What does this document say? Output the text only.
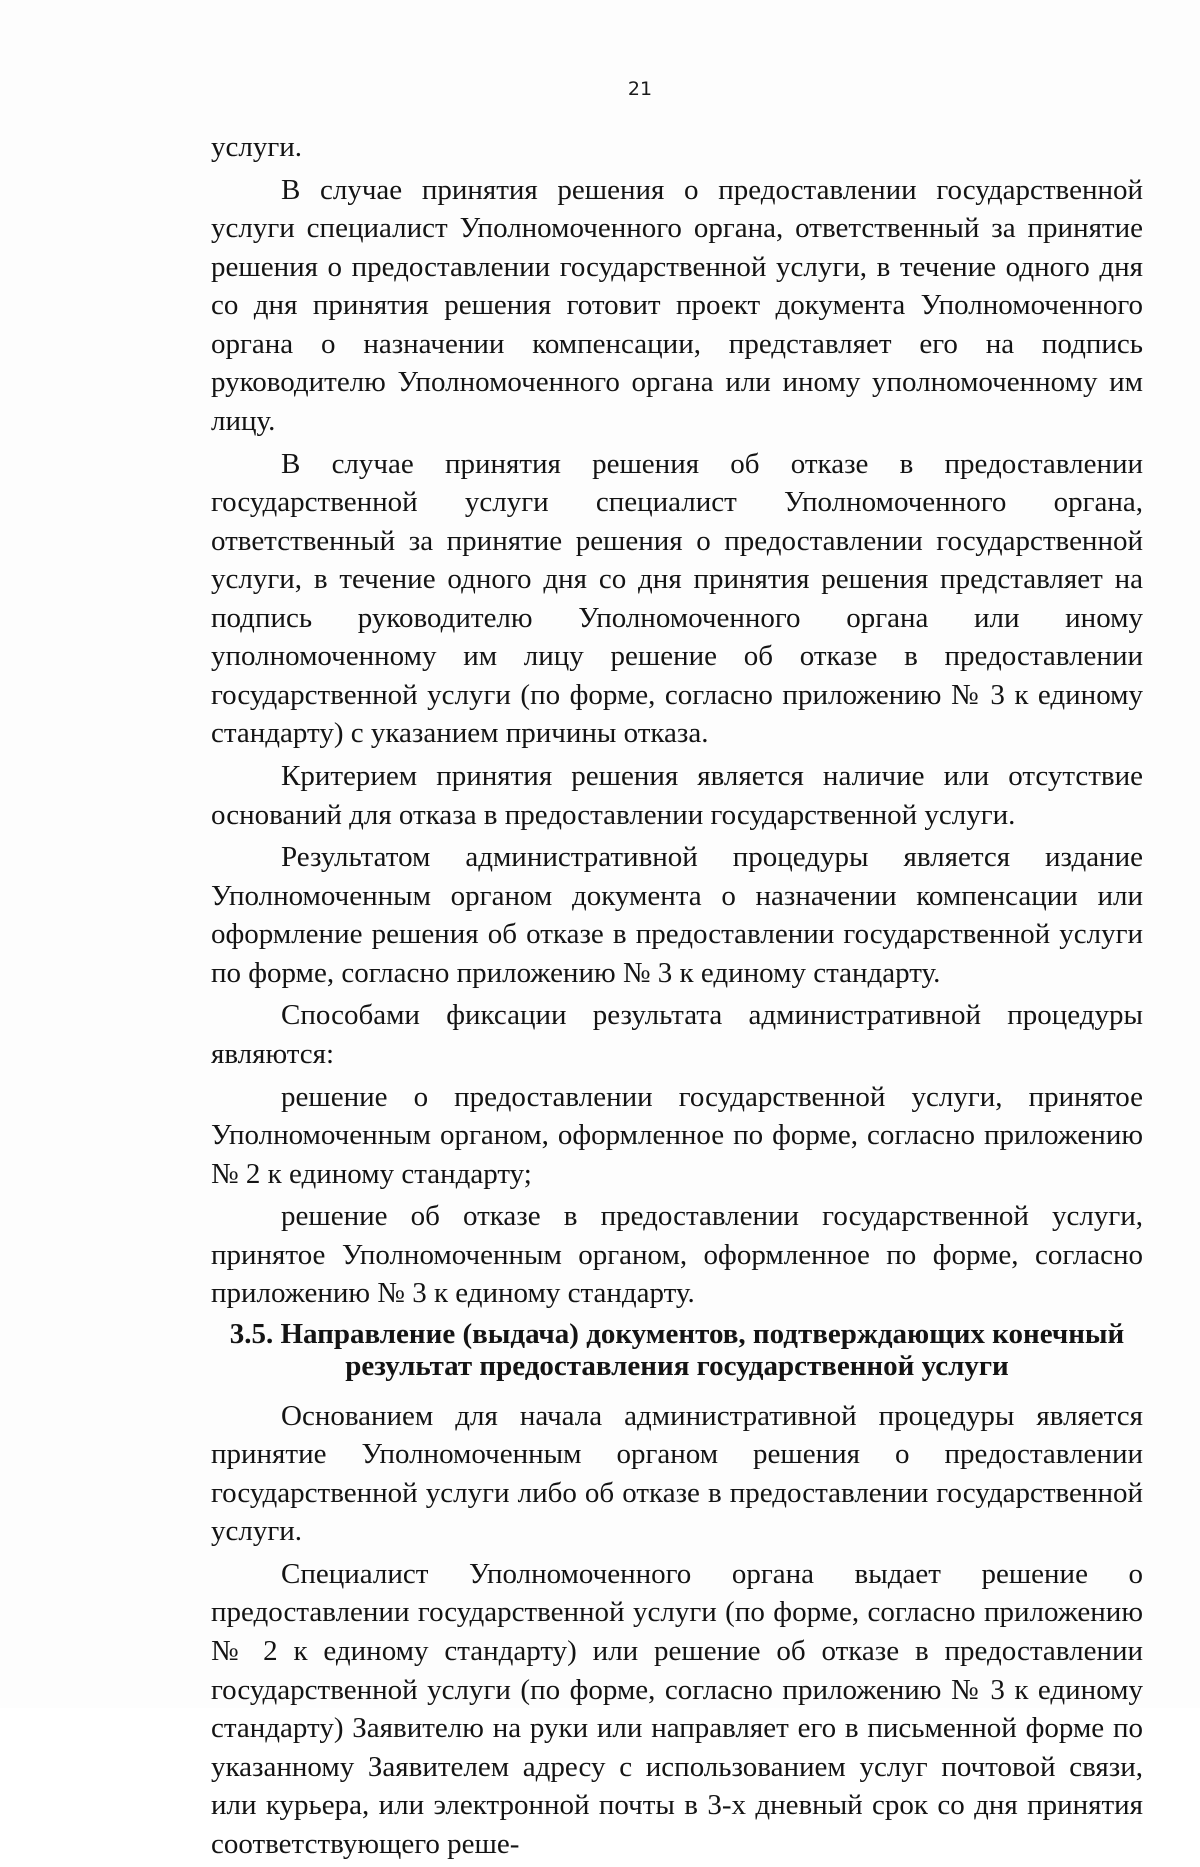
21

услуги.

В случае принятия решения о предоставлении государственной услуги специалист Уполномоченного органа, ответственный за принятие решения о предоставлении государственной услуги, в течение одного дня со дня принятия решения готовит проект документа Уполномоченного органа о назначении компенсации, представляет его на подпись руководителю Уполномоченного органа или иному уполномоченному им лицу.

В случае принятия решения об отказе в предоставлении государственной услуги специалист Уполномоченного органа, ответственный за принятие решения о предоставлении государственной услуги, в течение одного дня со дня принятия решения представляет на подпись руководителю Уполномоченного органа или иному уполномоченному им лицу решение об отказе в предоставлении государственной услуги (по форме, согласно приложению № 3 к единому стандарту) с указанием причины отказа.

Критерием принятия решения является наличие или отсутствие оснований для отказа в предоставлении государственной услуги.

Результатом административной процедуры является издание Уполномоченным органом документа о назначении компенсации или оформление решения об отказе в предоставлении государственной услуги по форме, согласно приложению № 3 к единому стандарту.

Способами фиксации результата административной процедуры являются:

решение о предоставлении государственной услуги, принятое Уполномоченным органом, оформленное по форме, согласно приложению № 2 к единому стандарту;

решение об отказе в предоставлении государственной услуги, принятое Уполномоченным органом, оформленное по форме, согласно приложению № 3 к единому стандарту.

3.5. Направление (выдача) документов, подтверждающих конечный результат предоставления государственной услуги

Основанием для начала административной процедуры является принятие Уполномоченным органом решения о предоставлении государственной услуги либо об отказе в предоставлении государственной услуги.

Специалист Уполномоченного органа выдает решение о предоставлении государственной услуги (по форме, согласно приложению № 2 к единому стандарту) или решение об отказе в предоставлении государственной услуги (по форме, согласно приложению № 3 к единому стандарту) Заявителю на руки или направляет его в письменной форме по указанному Заявителем адресу с использованием услуг почтовой связи, или курьера, или электронной почты в 3-х дневный срок со дня принятия соответствующего реше-
